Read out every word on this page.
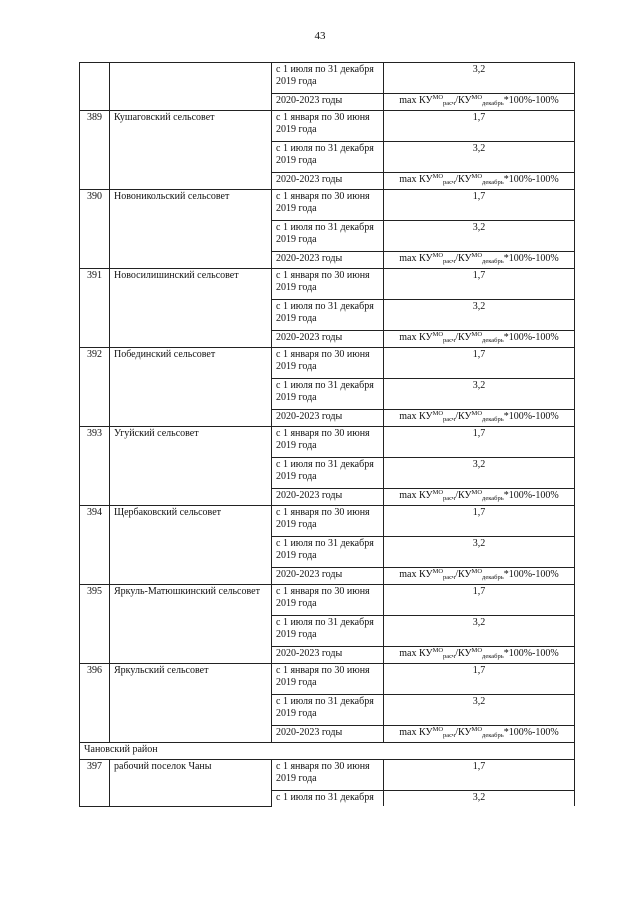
43
		с 1 июля по 31 декабря 2019 года	3,2
		2020-2023 годы	$\max КУ^{МО}_{расч}/КУ^{МО}_{декабрь}*100\%-100\%$
389	Кушаговский сельсовет	с 1 января по 30 июня 2019 года	1,7
		с 1 июля по 31 декабря 2019 года	3,2
		2020-2023 годы	$\max КУ^{МО}_{расч}/КУ^{МО}_{декабрь}*100\%-100\%$
390	Новоникольский сельсовет	с 1 января по 30 июня 2019 года	1,7
		с 1 июля по 31 декабря 2019 года	3,2
		2020-2023 годы	$\max КУ^{МО}_{расч}/КУ^{МО}_{декабрь}*100\%-100\%$
391	Новосилишинский сельсовет	с 1 января по 30 июня 2019 года	1,7
		с 1 июля по 31 декабря 2019 года	3,2
		2020-2023 годы	$\max КУ^{МО}_{расч}/КУ^{МО}_{декабрь}*100\%-100\%$
392	Побединский сельсовет	с 1 января по 30 июня 2019 года	1,7
		с 1 июля по 31 декабря 2019 года	3,2
		2020-2023 годы	$\max КУ^{МО}_{расч}/КУ^{МО}_{декабрь}*100\%-100\%$
393	Угуйский сельсовет	с 1 января по 30 июня 2019 года	1,7
		с 1 июля по 31 декабря 2019 года	3,2
		2020-2023 годы	$\max КУ^{МО}_{расч}/КУ^{МО}_{декабрь}*100\%-100\%$
394	Щербаковский сельсовет	с 1 января по 30 июня 2019 года	1,7
		с 1 июля по 31 декабря 2019 года	3,2
		2020-2023 годы	$\max КУ^{МО}_{расч}/КУ^{МО}_{декабрь}*100\%-100\%$
395	Яркуль-Матюшкинский сельсовет	с 1 января по 30 июня 2019 года	1,7
		с 1 июля по 31 декабря 2019 года	3,2
		2020-2023 годы	$\max КУ^{МО}_{расч}/КУ^{МО}_{декабрь}*100\%-100\%$
396	Яркульский сельсовет	с 1 января по 30 июня 2019 года	1,7
		с 1 июля по 31 декабря 2019 года	3,2
		2020-2023 годы	$\max КУ^{МО}_{расч}/КУ^{МО}_{декабрь}*100\%-100\%$
Чановский район			
397	рабочий поселок Чаны	с 1 января по 30 июня 2019 года	1,7
		с 1 июля по 31 декабря	3,2
